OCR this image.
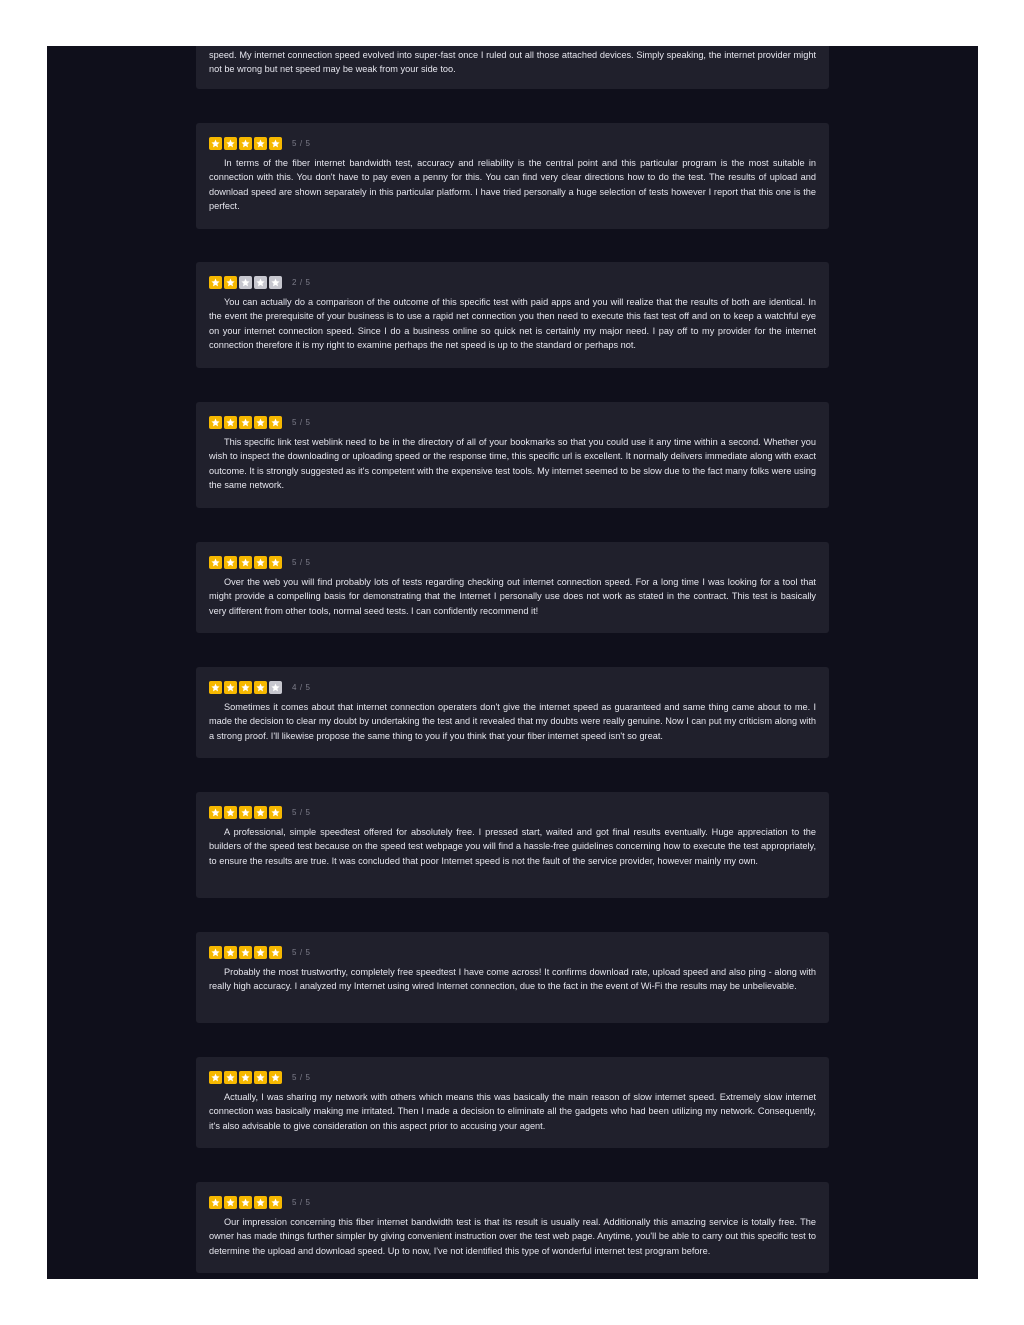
speed. My internet connection speed evolved into super-fast once I ruled out all those attached devices. Simply speaking, the internet provider might not be wrong but net speed may be weak from your side too.

5 / 5

In terms of the fiber internet bandwidth test, accuracy and reliability is the central point and this particular program is the most suitable in connection with this. You don't have to pay even a penny for this. You can find very clear directions how to do the test. The results of upload and download speed are shown separately in this particular platform. I have tried personally a huge selection of tests however I report that this one is the perfect.

2 / 5

You can actually do a comparison of the outcome of this specific test with paid apps and you will realize that the results of both are identical. In the event the prerequisite of your business is to use a rapid net connection you then need to execute this fast test off and on to keep a watchful eye on your internet connection speed. Since I do a business online so quick net is certainly my major need. I pay off to my provider for the internet connection therefore it is my right to examine perhaps the net speed is up to the standard or perhaps not.

5 / 5

This specific link test weblink need to be in the directory of all of your bookmarks so that you could use it any time within a second. Whether you wish to inspect the downloading or uploading speed or the response time, this specific url is excellent. It normally delivers immediate along with exact outcome. It is strongly suggested as it's competent with the expensive test tools. My internet seemed to be slow due to the fact many folks were using the same network.

5 / 5

Over the web you will find probably lots of tests regarding checking out internet connection speed. For a long time I was looking for a tool that might provide a compelling basis for demonstrating that the Internet I personally use does not work as stated in the contract. This test is basically very different from other tools, normal seed tests. I can confidently recommend it!

4 / 5

Sometimes it comes about that internet connection operaters don't give the internet speed as guaranteed and same thing came about to me. I made the decision to clear my doubt by undertaking the test and it revealed that my doubts were really genuine. Now I can put my criticism along with a strong proof. I'll likewise propose the same thing to you if you think that your fiber internet speed isn't so great.

5 / 5

A professional, simple speedtest offered for absolutely free. I pressed start, waited and got final results eventually. Huge appreciation to the builders of the speed test because on the speed test webpage you will find a hassle-free guidelines concerning how to execute the test appropriately, to ensure the results are true. It was concluded that poor Internet speed is not the fault of the service provider, however mainly my own.

5 / 5

Probably the most trustworthy, completely free speedtest I have come across! It confirms download rate, upload speed and also ping - along with really high accuracy. I analyzed my Internet using wired Internet connection, due to the fact in the event of Wi-Fi the results may be unbelievable.

5 / 5

Actually, I was sharing my network with others which means this was basically the main reason of slow internet speed. Extremely slow internet connection was basically making me irritated. Then I made a decision to eliminate all the gadgets who had been utilizing my network. Consequently, it's also advisable to give consideration on this aspect prior to accusing your agent.

5 / 5

Our impression concerning this fiber internet bandwidth test is that its result is usually real. Additionally this amazing service is totally free. The owner has made things further simpler by giving convenient instruction over the test web page. Anytime, you'll be able to carry out this specific test to determine the upload and download speed. Up to now, I've not identified this type of wonderful internet test program before.
